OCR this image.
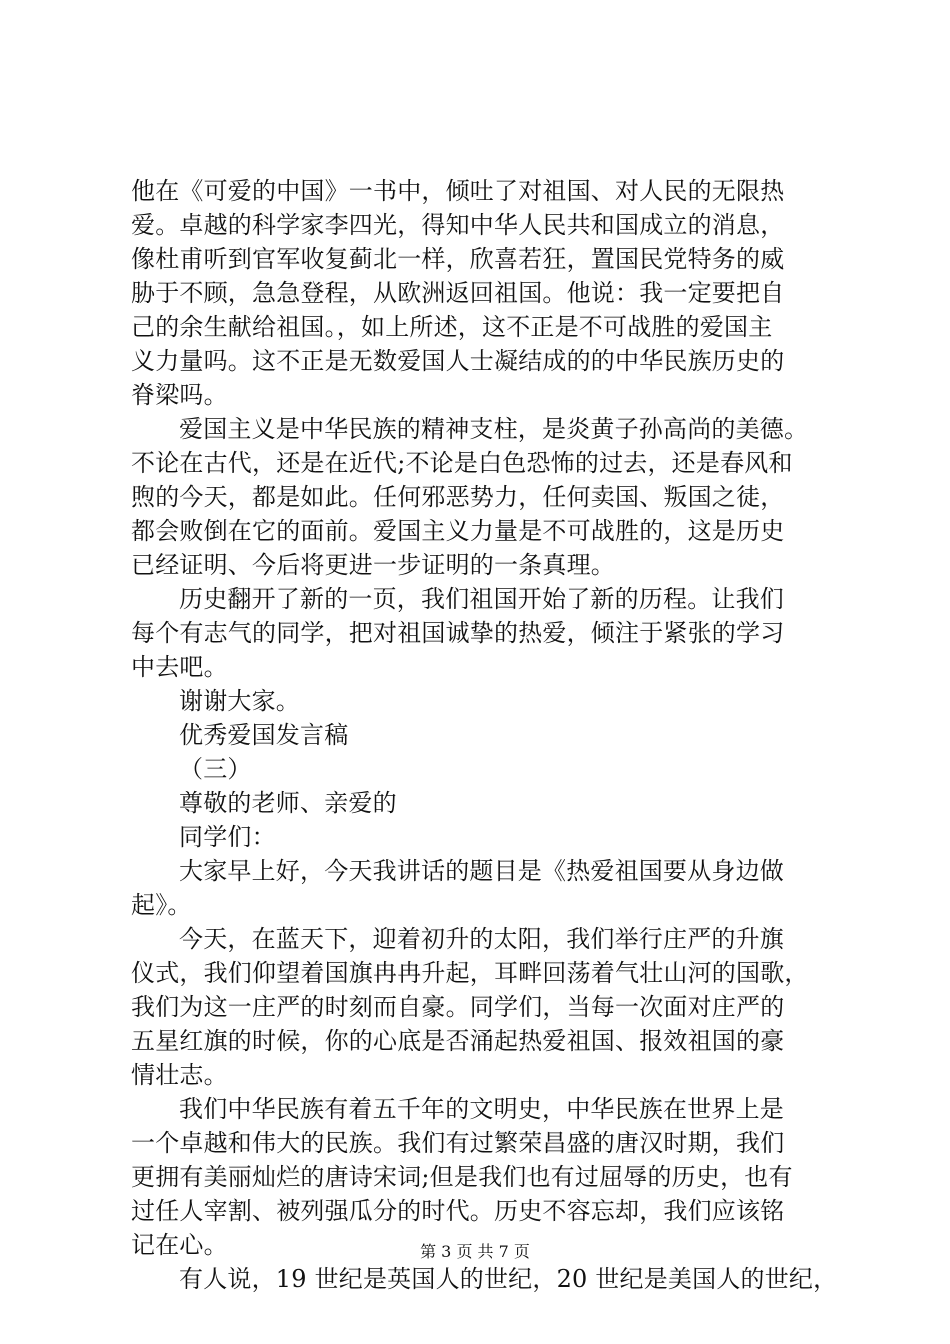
他在《可爱的中国》一书中，倾吐了对祖国、对人民的无限热
爱。卓越的科学家李四光，得知中华人民共和国成立的消息，
像杜甫听到官军收复蓟北一样，欣喜若狂，置国民党特务的威
胁于不顾，急急登程，从欧洲返回祖国。他说：我一定要把自
己的余生献给祖国。，如上所述，这不正是不可战胜的爱国主
义力量吗。这不正是无数爱国人士凝结成的的中华民族历史的
脊梁吗。
爱国主义是中华民族的精神支柱，是炎黄子孙高尚的美德。
不论在古代，还是在近代;不论是白色恐怖的过去，还是春风和
煦的今天，都是如此。任何邪恶势力，任何卖国、叛国之徒，
都会败倒在它的面前。爱国主义力量是不可战胜的，这是历史
已经证明、今后将更进一步证明的一条真理。
历史翻开了新的一页，我们祖国开始了新的历程。让我们
每个有志气的同学，把对祖国诚挚的热爱，倾注于紧张的学习
中去吧。
谢谢大家。
优秀爱国发言稿
（三）
尊敬的老师、亲爱的
同学们：
大家早上好，今天我讲话的题目是《热爱祖国要从身边做
起》。
今天，在蓝天下，迎着初升的太阳，我们举行庄严的升旗
仪式，我们仰望着国旗冉冉升起，耳畔回荡着气壮山河的国歌，
我们为这一庄严的时刻而自豪。同学们，当每一次面对庄严的
五星红旗的时候，你的心底是否涌起热爱祖国、报效祖国的豪
情壮志。
我们中华民族有着五千年的文明史，中华民族在世界上是
一个卓越和伟大的民族。我们有过繁荣昌盛的唐汉时期，我们
更拥有美丽灿烂的唐诗宋词;但是我们也有过屈辱的历史，也有
过任人宰割、被列强瓜分的时代。历史不容忘却，我们应该铭
记在心。
有人说，19 世纪是英国人的世纪，20 世纪是美国人的世纪，
第 3 页 共 7 页
